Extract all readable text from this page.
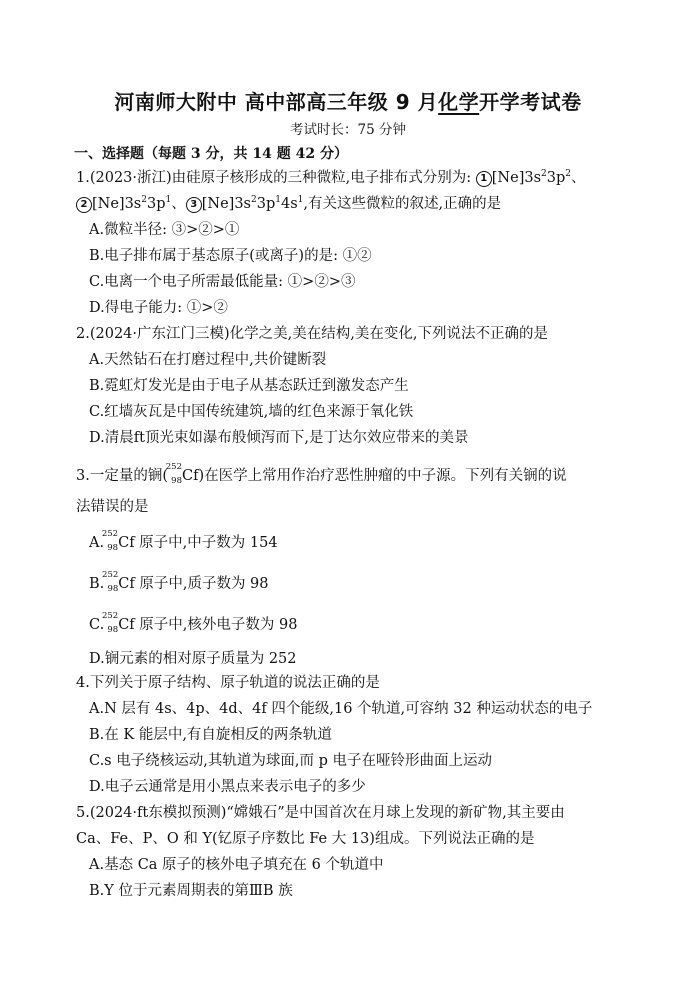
河南师大附中 高中部高三年级 9 月化学开学考试卷
考试时长：75 分钟
一、选择题（每题 3 分，共 14 题 42 分）
1.(2023·浙江)由硅原子核形成的三种微粒,电子排布式分别为: 1 $[Ne]3s^23p^2$、
2 $[Ne]3s^23p^1$、 3 $[Ne]3s^23p^14s^1$,有关这些微粒的叙述,正确的是
A.微粒半径: ③>②>①
B.电子排布属于基态原子(或离子)的是: ①②
C.电离一个电子所需最低能量: ①>②>③
D.得电子能力: ①>②
2.(2024·广东江门三模)化学之美,美在结构,美在变化,下列说法不正确的是
A.天然钻石在打磨过程中,共价键断裂
B.霓虹灯发光是由于电子从基态跃迁到激发态产生
C.红墙灰瓦是中国传统建筑,墙的红色来源于氧化铁
D.清晨ft顶光束如瀑布般倾泻而下,是丁达尔效应带来的美景
3.一定量的锎(
252
98 Cf)在医学上常用作治疗恶性肿瘤的中子源。下列有关锎的说
法错误的是
A.
252
98 Cf 原子中,中子数为 154
B.
252
98 Cf 原子中,质子数为 98
C.
252
98 Cf 原子中,核外电子数为 98
D.锎元素的相对原子质量为 252
4.下列关于原子结构、原子轨道的说法正确的是
A.N 层有 4s、4p、4d、4f 四个能级,16 个轨道,可容纳 32 种运动状态的电子
B.在 K 能层中,有自旋相反的两条轨道
C.s 电子绕核运动,其轨道为球面,而 p 电子在哑铃形曲面上运动
D.电子云通常是用小黑点来表示电子的多少
5.(2024·ft东模拟预测)“嫦娥石”是中国首次在月球上发现的新矿物,其主要由
Ca、Fe、P、O 和 Y(钇原子序数比 Fe 大 13)组成。下列说法正确的是
A.基态 Ca 原子的核外电子填充在 6 个轨道中
B.Y 位于元素周期表的第ⅢB 族
